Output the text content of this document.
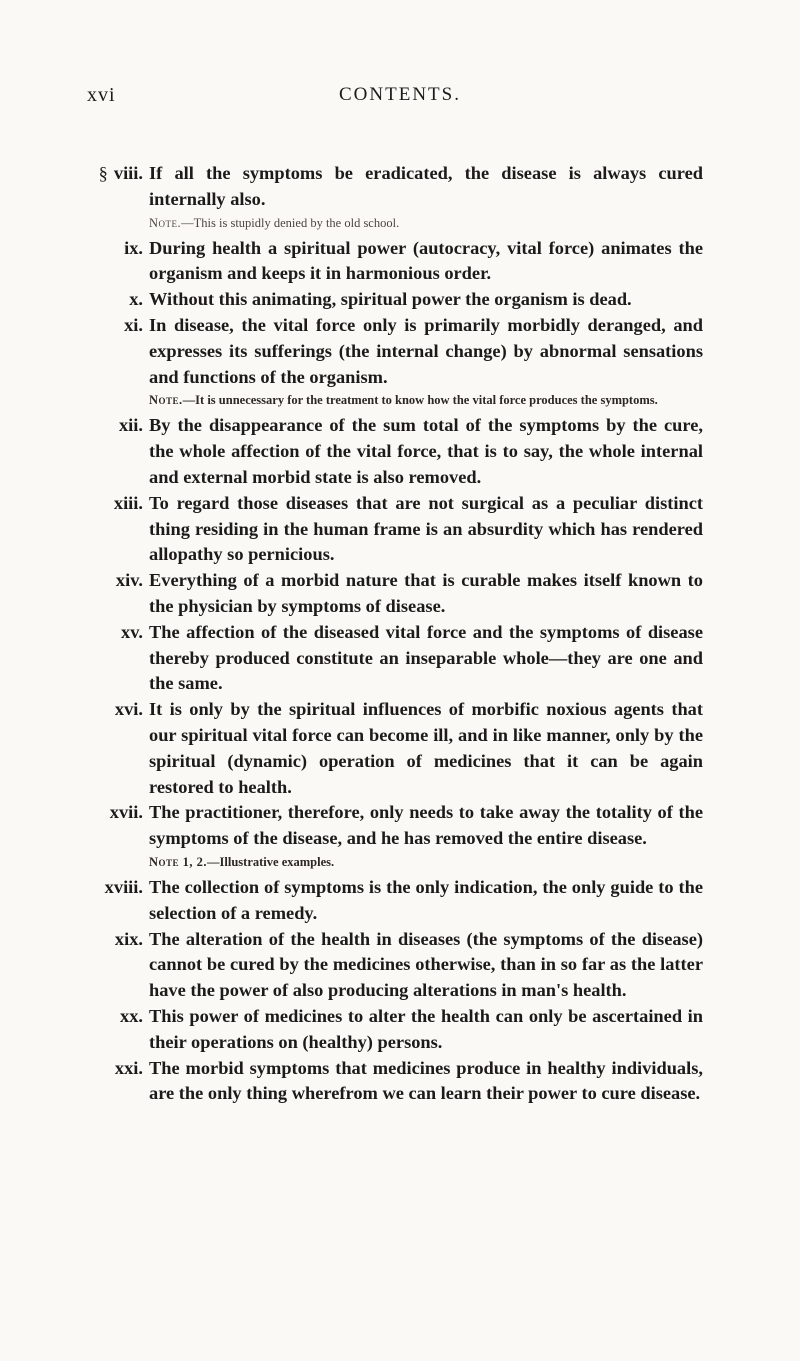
xvi	CONTENTS.
§ viii. If all the symptoms be eradicated, the disease is always cured internally also.
Note.—This is stupidly denied by the old school.
ix. During health a spiritual power (autocracy, vital force) animates the organism and keeps it in harmonious order.
x. Without this animating, spiritual power the organism is dead.
xi. In disease, the vital force only is primarily morbidly deranged, and expresses its sufferings (the internal change) by abnormal sensations and functions of the organism.
Note.—It is unnecessary for the treatment to know how the vital force produces the symptoms.
xii. By the disappearance of the sum total of the symptoms by the cure, the whole affection of the vital force, that is to say, the whole internal and external morbid state is also removed.
xiii. To regard those diseases that are not surgical as a peculiar distinct thing residing in the human frame is an absurdity which has rendered allopathy so pernicious.
xiv. Everything of a morbid nature that is curable makes itself known to the physician by symptoms of disease.
xv. The affection of the diseased vital force and the symptoms of disease thereby produced constitute an inseparable whole—they are one and the same.
xvi. It is only by the spiritual influences of morbific noxious agents that our spiritual vital force can become ill, and in like manner, only by the spiritual (dynamic) operation of medicines that it can be again restored to health.
xvii. The practitioner, therefore, only needs to take away the totality of the symptoms of the disease, and he has removed the entire disease.
Note 1, 2.—Illustrative examples.
xviii. The collection of symptoms is the only indication, the only guide to the selection of a remedy.
xix. The alteration of the health in diseases (the symptoms of the disease) cannot be cured by the medicines otherwise, than in so far as the latter have the power of also producing alterations in man's health.
xx. This power of medicines to alter the health can only be ascertained in their operations on (healthy) persons.
xxi. The morbid symptoms that medicines produce in healthy individuals, are the only thing wherefrom we can learn their power to cure disease.
